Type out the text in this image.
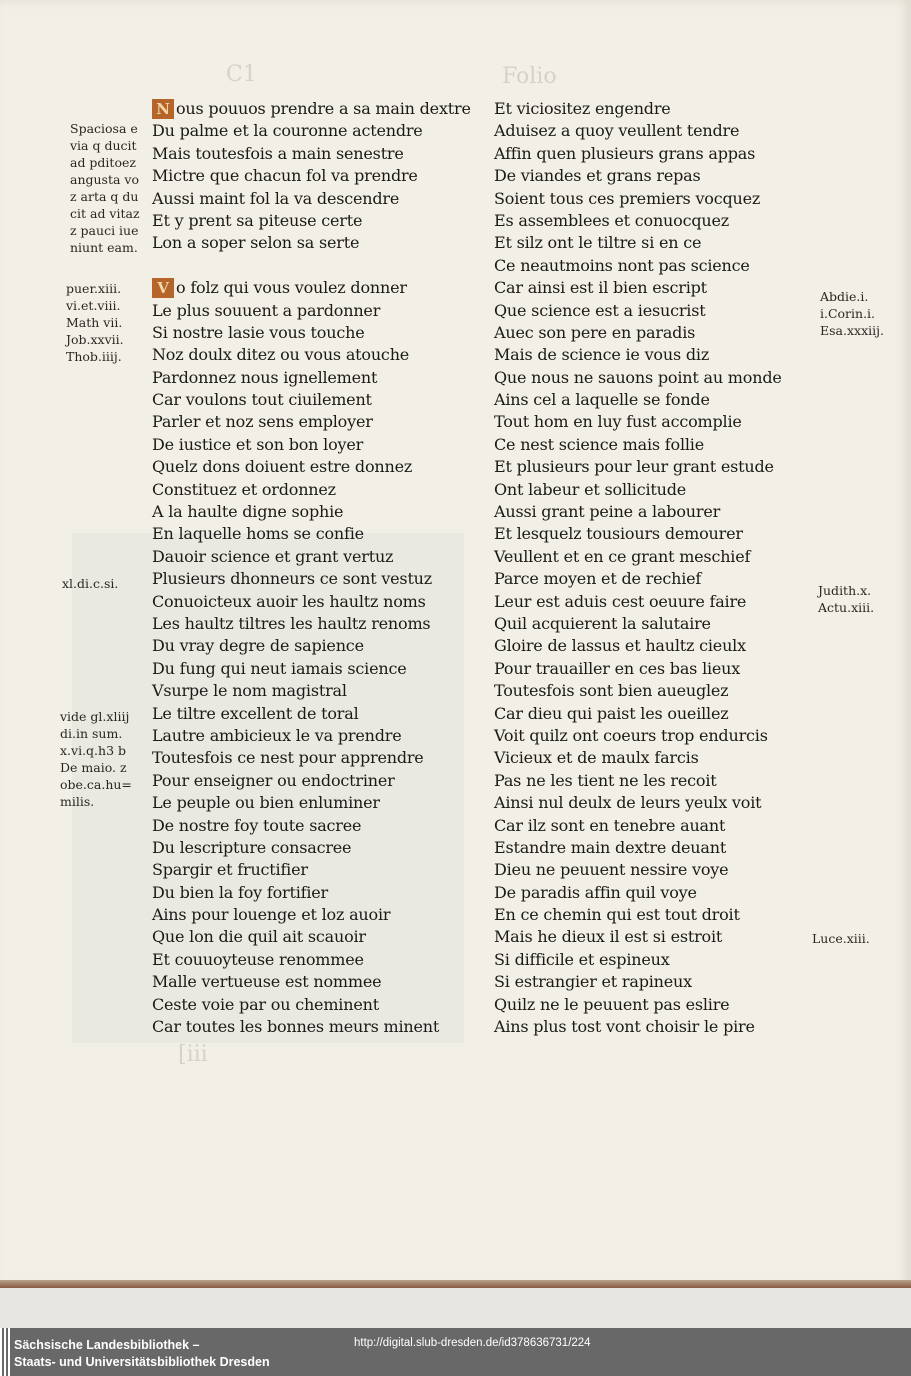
C1	Folio
[iii
Spaciosa e
via q ducit
ad pditoez
angusta vo
z arta q du
cit ad vitaz
z pauci iue
niunt eam.
puer.xiii.
vi.et.viii.
Math vii.
Job.xxvii.
Thob.iiij.
xl.di.c.si.
vide gl.xliij
di.in sum.
x.vi.q.h3 b
De maio. z
obe.ca.hu=
milis.
Abdie.i.
i.Corin.i.
Esa.xxxiij.
Judith.x.
Actu.xiii.
Luce.xiii.
N ous pouuos prendre a sa main dextre
Du palme et la couronne actendre
Mais toutesfois a main senestre
Mictre que chacun fol va prendre
Aussi maint fol la va descendre
Et y prent sa piteuse certe
Lon a soper selon sa serte
V o folz qui vous voulez donner
Le plus souuent a pardonner
Si nostre lasie vous touche
Noz doulx ditez ou vous atouche
Pardonnez nous ignellement
Car voulons tout ciuilement
Parler et noz sens employer
De iustice et son bon loyer
Quelz dons doiuent estre donnez
Constituez et ordonnez
A la haulte digne sophie
En laquelle homs se confie
Dauoir science et grant vertuz
Plusieurs dhonneurs ce sont vestuz
Conuoicteux auoir les haultz noms
Les haultz tiltres les haultz renoms
Du vray degre de sapience
Du fung qui neut iamais science
Vsurpe le nom magistral
Le tiltre excellent de toral
Lautre ambicieux le va prendre
Toutesfois ce nest pour apprendre
Pour enseigner ou endoctriner
Le peuple ou bien enluminer
De nostre foy toute sacree
Du lescripture consacree
Spargir et fructifier
Du bien la foy fortifier
Ains pour louenge et loz auoir
Que lon die quil ait scauoir
Et couuoyteuse renommee
Malle vertueuse est nommee
Ceste voie par ou cheminent
Car toutes les bonnes meurs minent
Et viciositez engendre
Aduisez a quoy veullent tendre
Affin quen plusieurs grans appas
De viandes et grans repas
Soient tous ces premiers vocquez
Es assemblees et conuocquez
Et silz ont le tiltre si en ce
Ce neautmoins nont pas science
Car ainsi est il bien escript
Que science est a iesucrist
Auec son pere en paradis
Mais de science ie vous diz
Que nous ne sauons point au monde
Ains cel a laquelle se fonde
Tout hom en luy fust accomplie
Ce nest science mais follie
Et plusieurs pour leur grant estude
Ont labeur et sollicitude
Aussi grant peine a labourer
Et lesquelz tousiours demourer
Veullent et en ce grant meschief
Parce moyen et de rechief
Leur est aduis cest oeuure faire
Quil acquierent la salutaire
Gloire de lassus et haultz cieulx
Pour trauailler en ces bas lieux
Toutesfois sont bien aueuglez
Car dieu qui paist les oueillez
Voit quilz ont coeurs trop endurcis
Vicieux et de maulx farcis
Pas ne les tient ne les recoit
Ainsi nul deulx de leurs yeulx voit
Car ilz sont en tenebre auant
Estandre main dextre deuant
Dieu ne peuuent nessire voye
De paradis affin quil voye
En ce chemin qui est tout droit
Mais he dieux il est si estroit
Si difficile et espineux
Si estrangier et rapineux
Quilz ne le peuuent pas eslire
Ains plus tost vont choisir le pire
Sächsische Landesbibliothek –
Staats- und Universitätsbibliothek Dresden
http://digital.slub-dresden.de/id378636731/224
